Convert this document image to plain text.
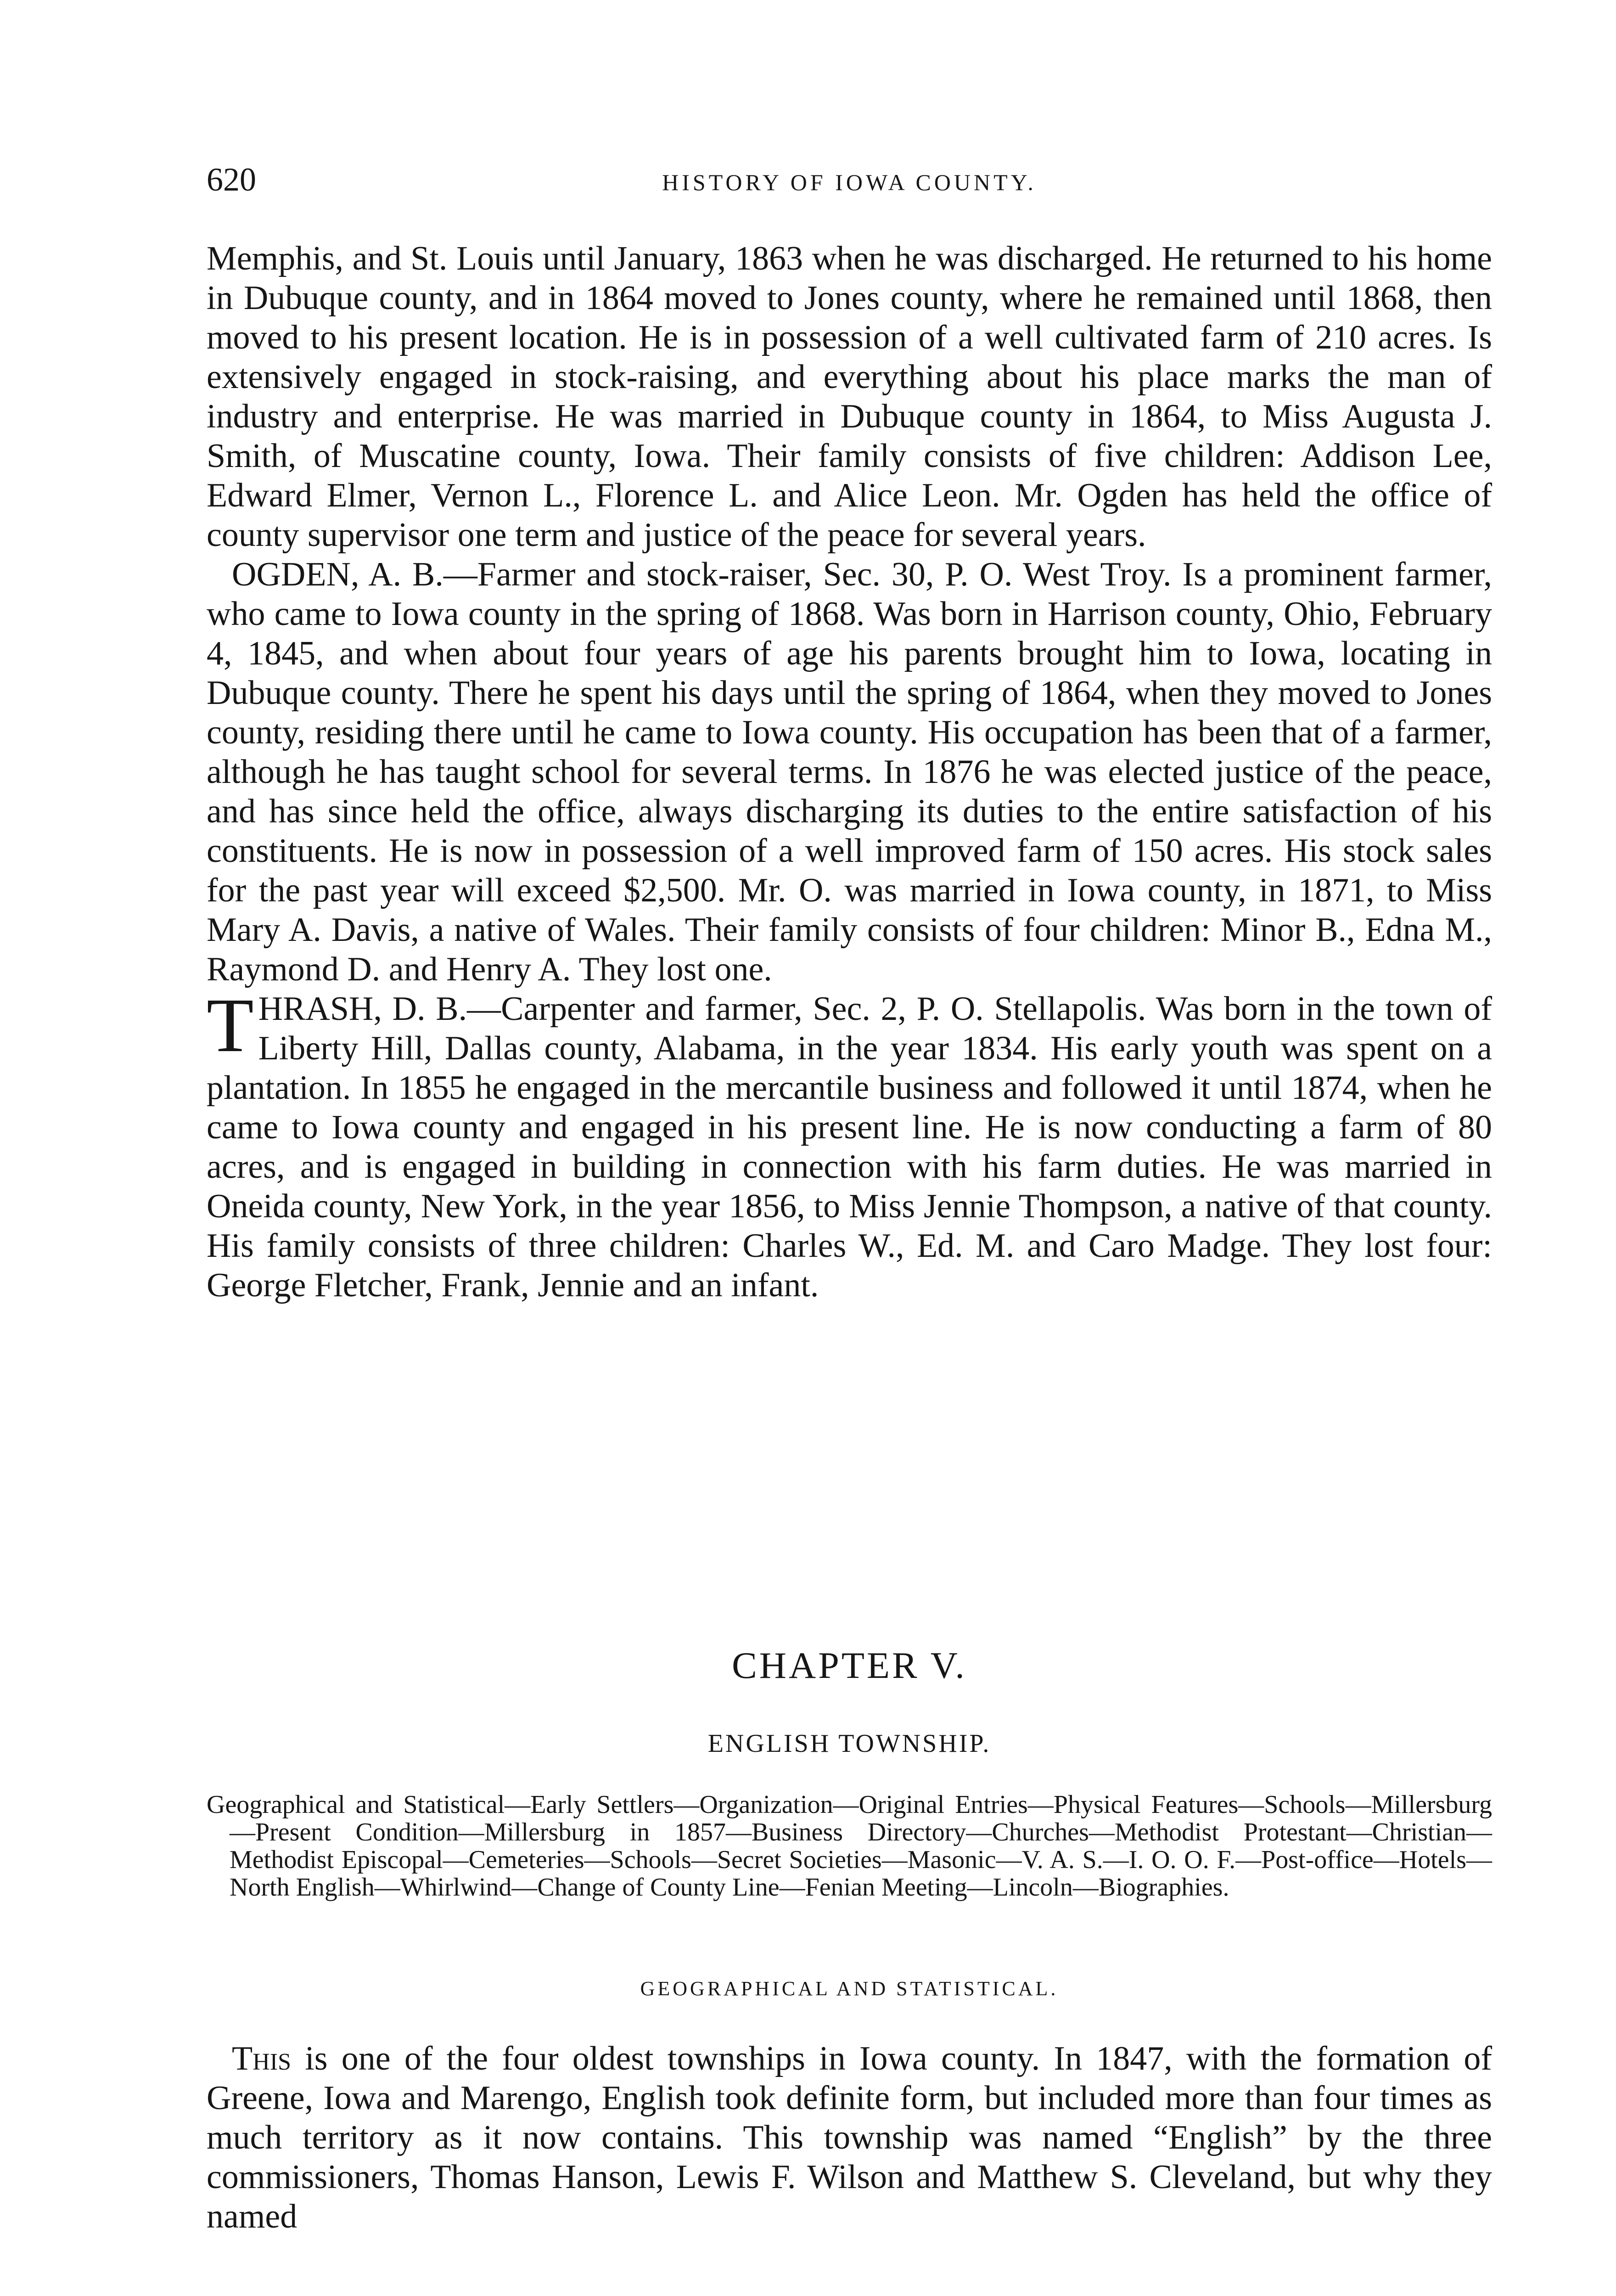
620	HISTORY OF IOWA COUNTY.

Memphis, and St. Louis until January, 1863 when he was discharged. He returned to his home in Dubuque county, and in 1864 moved to Jones county, where he remained until 1868, then moved to his present location. He is in possession of a well cultivated farm of 210 acres. Is extensively engaged in stock-raising, and everything about his place marks the man of industry and enterprise. He was married in Dubuque county in 1864, to Miss Augusta J. Smith, of Muscatine county, Iowa. Their family consists of five children: Addison Lee, Edward Elmer, Vernon L., Florence L. and Alice Leon. Mr. Ogden has held the office of county supervisor one term and justice of the peace for several years.

OGDEN, A. B.—Farmer and stock-raiser, Sec. 30, P. O. West Troy. Is a prominent farmer, who came to Iowa county in the spring of 1868. Was born in Harrison county, Ohio, February 4, 1845, and when about four years of age his parents brought him to Iowa, locating in Dubuque county. There he spent his days until the spring of 1864, when they moved to Jones county, residing there until he came to Iowa county. His occupation has been that of a farmer, although he has taught school for several terms. In 1876 he was elected justice of the peace, and has since held the office, always discharging its duties to the entire satisfaction of his constituents. He is now in possession of a well improved farm of 150 acres. His stock sales for the past year will exceed $2,500. Mr. O. was married in Iowa county, in 1871, to Miss Mary A. Davis, a native of Wales. Their family consists of four children: Minor B., Edna M., Raymond D. and Henry A. They lost one.

THRASH, D. B.—Carpenter and farmer, Sec. 2, P. O. Stellapolis. Was born in the town of Liberty Hill, Dallas county, Alabama, in the year 1834. His early youth was spent on a plantation. In 1855 he engaged in the mercantile business and followed it until 1874, when he came to Iowa county and engaged in his present line. He is now conducting a farm of 80 acres, and is engaged in building in connection with his farm duties. He was married in Oneida county, New York, in the year 1856, to Miss Jennie Thompson, a native of that county. His family consists of three children: Charles W., Ed. M. and Caro Madge. They lost four: George Fletcher, Frank, Jennie and an infant.

CHAPTER V.
ENGLISH TOWNSHIP.

Geographical and Statistical—Early Settlers—Organization—Original Entries—Physical Features—Schools—Millersburg—Present Condition—Millersburg in 1857—Business Directory—Churches—Methodist Protestant—Christian—Methodist Episcopal—Cemeteries—Schools—Secret Societies—Masonic—V. A. S.—I. O. O. F.—Post-office—Hotels—North English—Whirlwind—Change of County Line—Fenian Meeting—Lincoln—Biographies.

GEOGRAPHICAL AND STATISTICAL.

This is one of the four oldest townships in Iowa county. In 1847, with the formation of Greene, Iowa and Marengo, English took definite form, but included more than four times as much territory as it now contains. This township was named “English” by the three commissioners, Thomas Hanson, Lewis F. Wilson and Matthew S. Cleveland, but why they named
